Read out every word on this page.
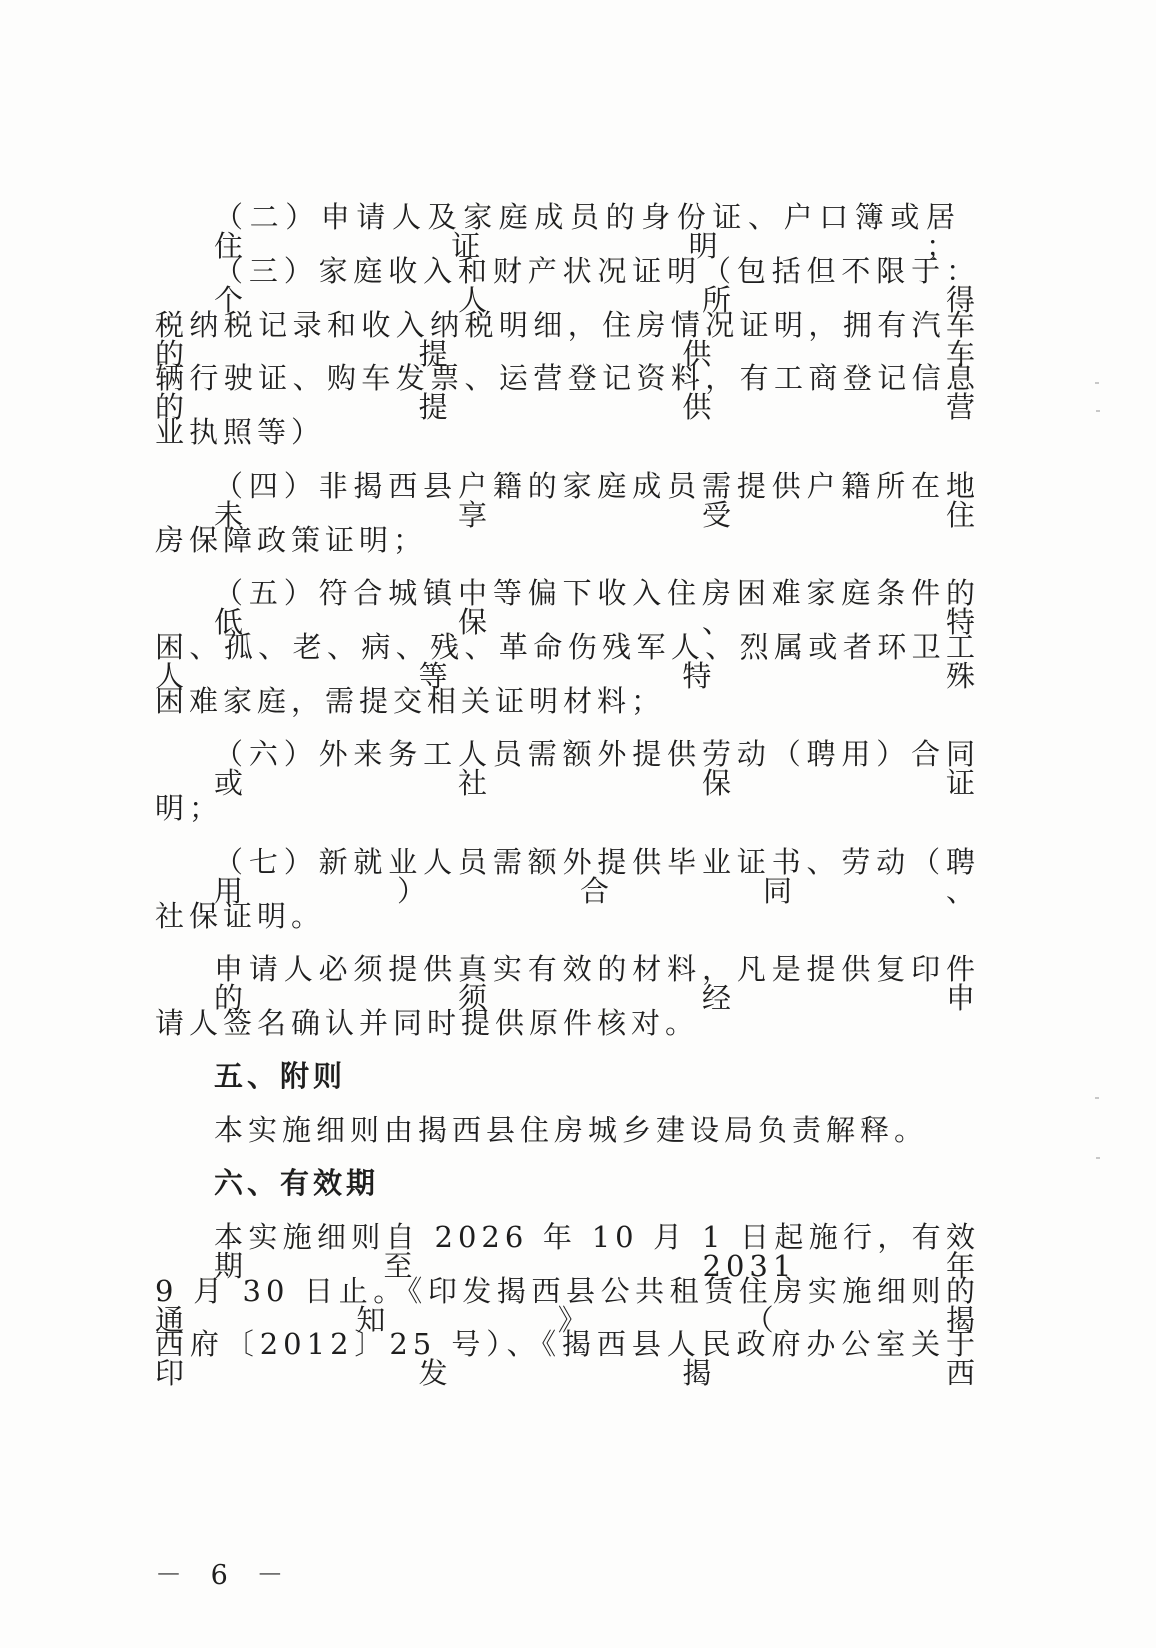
（二）申请人及家庭成员的身份证、户口簿或居住证明；
（三）家庭收入和财产状况证明（包括但不限于：个人所得
税纳税记录和收入纳税明细，住房情况证明，拥有汽车的提供车
辆行驶证、购车发票、运营登记资料，有工商登记信息的提供营
业执照等）
（四）非揭西县户籍的家庭成员需提供户籍所在地未享受住
房保障政策证明；
（五）符合城镇中等偏下收入住房困难家庭条件的低保、特
困、孤、老、病、残、革命伤残军人、烈属或者环卫工人等特殊
困难家庭，需提交相关证明材料；
（六）外来务工人员需额外提供劳动（聘用）合同或社保证
明；
（七）新就业人员需额外提供毕业证书、劳动（聘用）合同、
社保证明。
申请人必须提供真实有效的材料，凡是提供复印件的须经申
请人签名确认并同时提供原件核对。
五、附则
本实施细则由揭西县住房城乡建设局负责解释。
六、有效期
本实施细则自 2026 年 10 月 1 日起施行，有效期至 2031 年
9 月 30 日止。《印发揭西县公共租赁住房实施细则的通知》（揭
西府〔2012〕25 号）、《揭西县人民政府办公室关于印发揭西
－ 6 －
